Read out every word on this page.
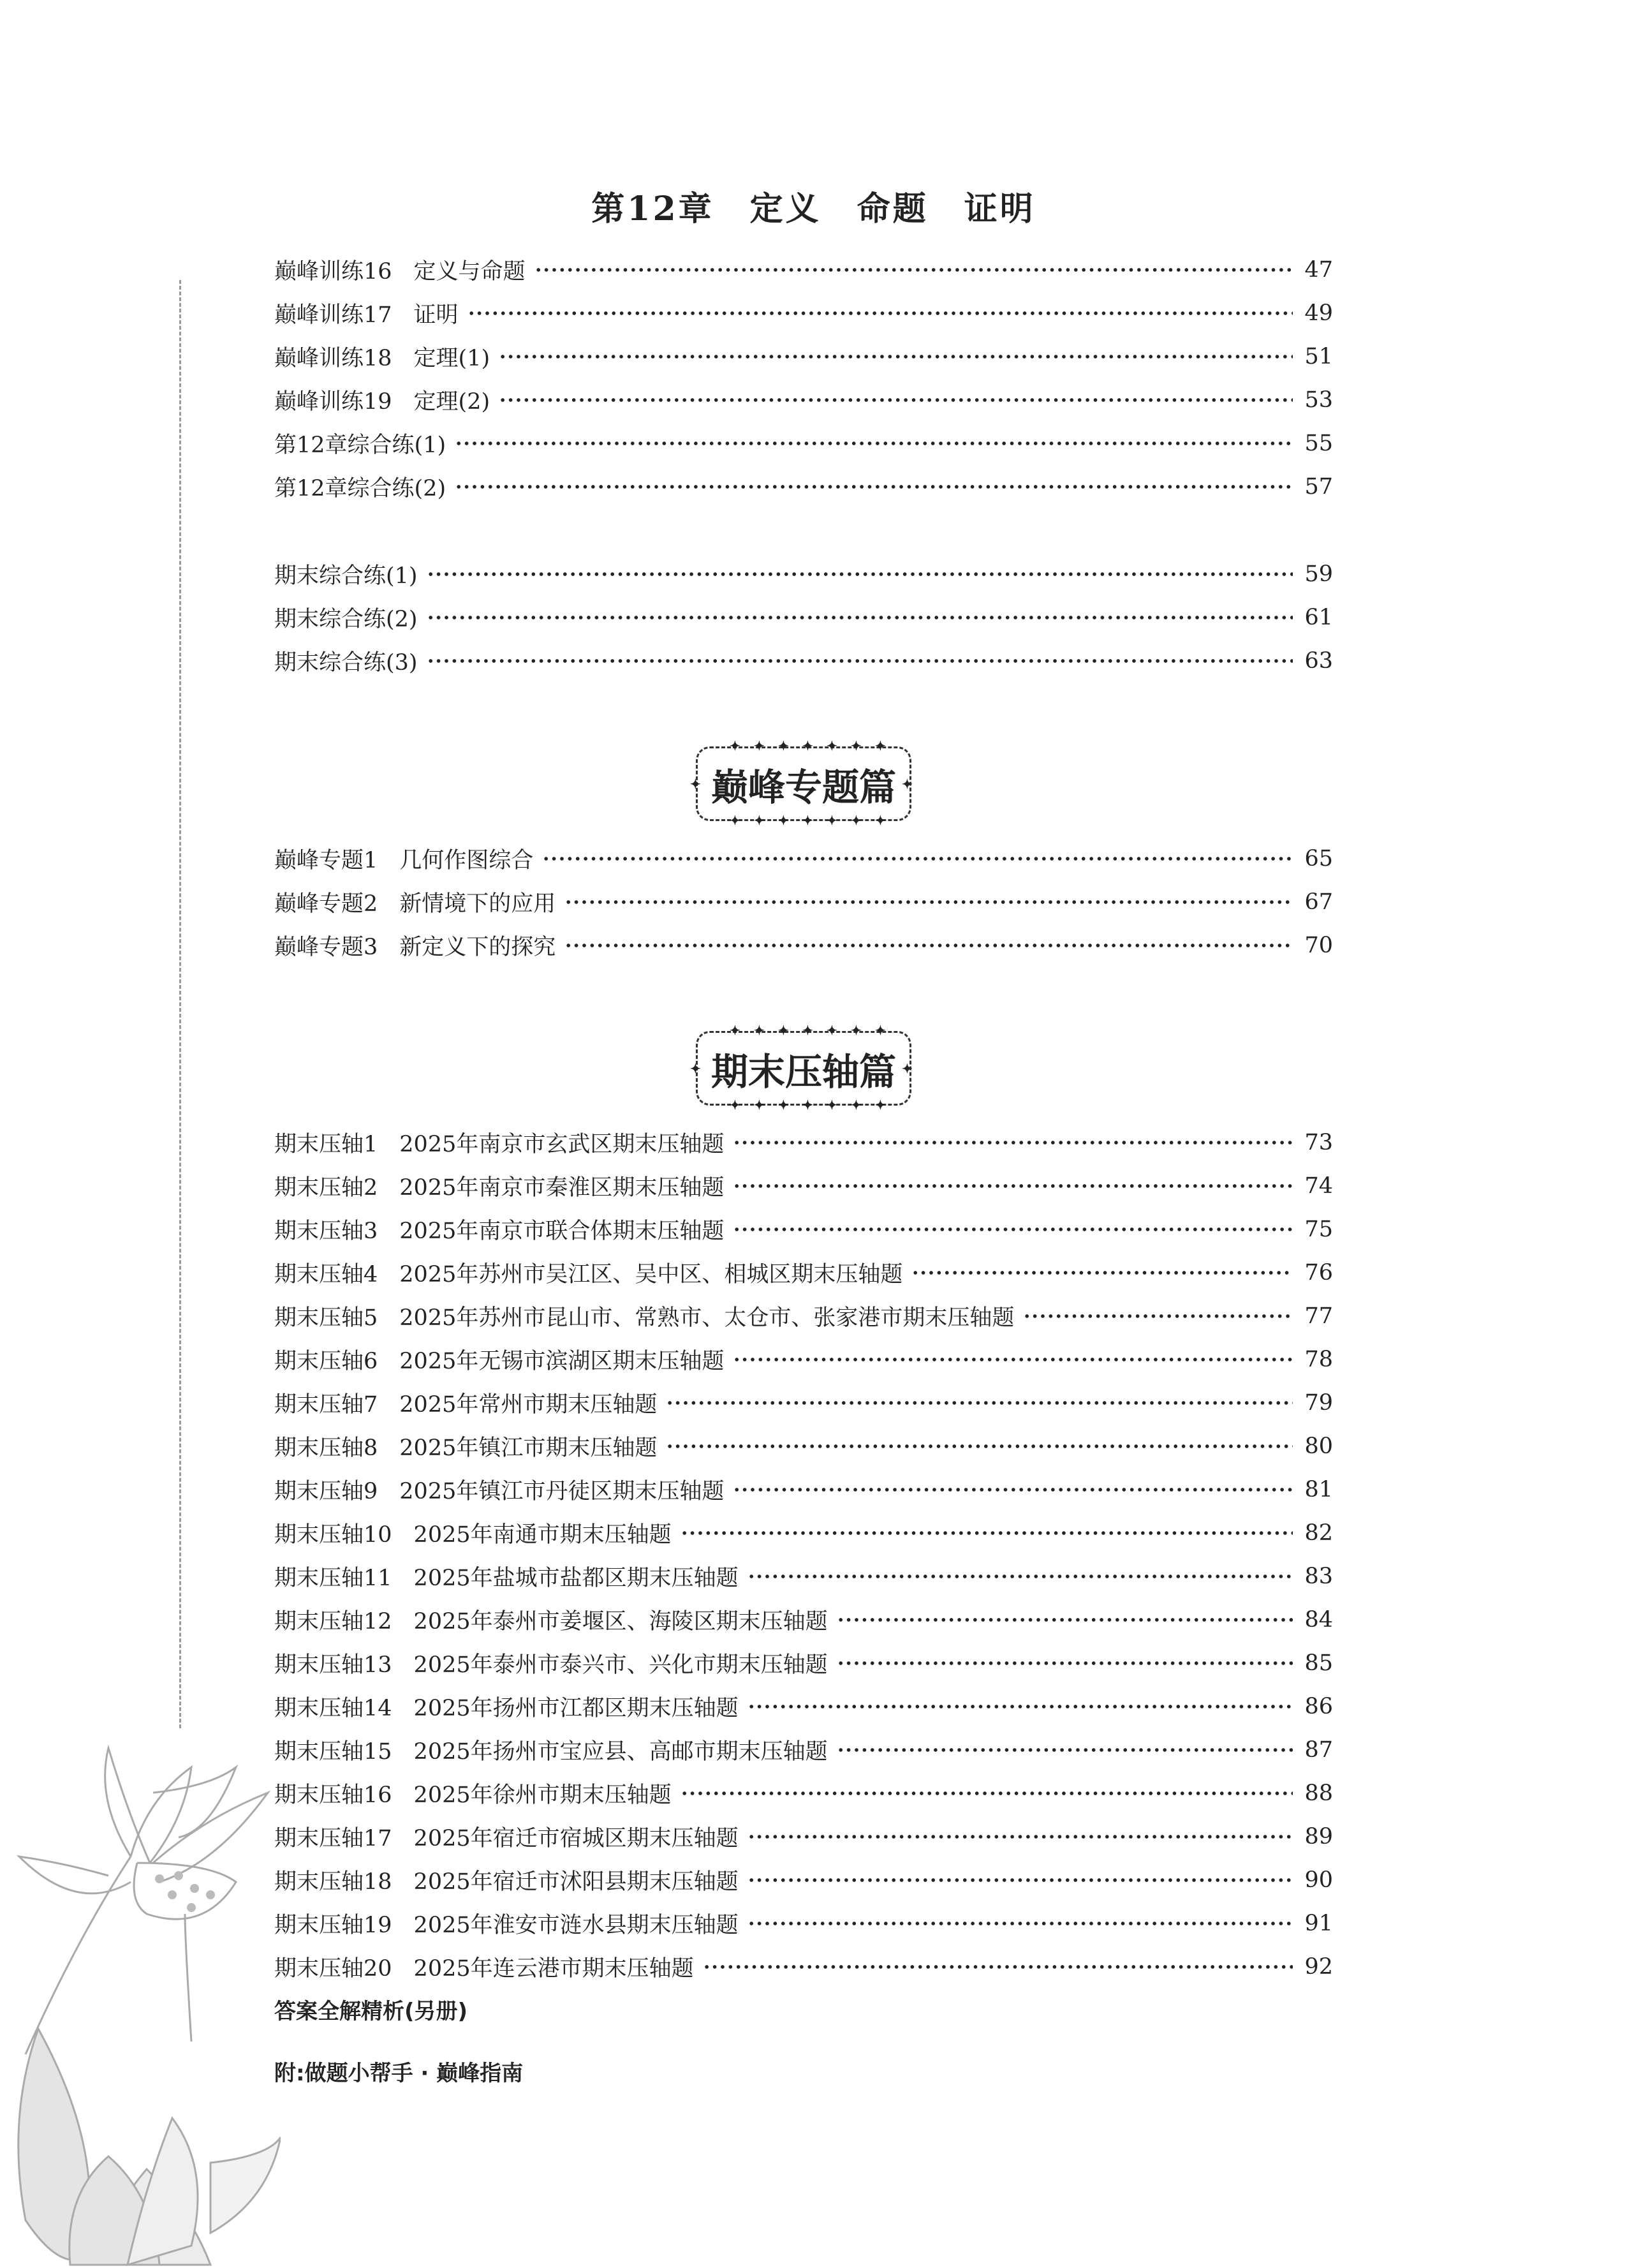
第12章 定义 命题 证明
巅峰训练16 定义与命题	47
巅峰训练17 证明	49
巅峰训练18 定理(1)	51
巅峰训练19 定理(2)	53
第12章综合练(1)	55
第12章综合练(2)	57
期末综合练(1)	59
期末综合练(2)	61
期末综合练(3)	63
巅峰专题篇
✦
✦
✦
✦
✦
✦
✦
✦
✦
✦
✦
✦
✦
✦
✦	✦
巅峰专题1 几何作图综合	65
巅峰专题2 新情境下的应用	67
巅峰专题3 新定义下的探究	70
期末压轴篇
✦
✦
✦
✦
✦
✦
✦
✦
✦
✦
✦
✦
✦
✦
✦	✦
期末压轴1 2025年南京市玄武区期末压轴题	73
期末压轴2 2025年南京市秦淮区期末压轴题	74
期末压轴3 2025年南京市联合体期末压轴题	75
期末压轴4 2025年苏州市吴江区、吴中区、相城区期末压轴题	76
期末压轴5 2025年苏州市昆山市、常熟市、太仓市、张家港市期末压轴题	77
期末压轴6 2025年无锡市滨湖区期末压轴题	78
期末压轴7 2025年常州市期末压轴题	79
期末压轴8 2025年镇江市期末压轴题	80
期末压轴9 2025年镇江市丹徒区期末压轴题	81
期末压轴10 2025年南通市期末压轴题	82
期末压轴11 2025年盐城市盐都区期末压轴题	83
期末压轴12 2025年泰州市姜堰区、海陵区期末压轴题	84
期末压轴13 2025年泰州市泰兴市、兴化市期末压轴题	85
期末压轴14 2025年扬州市江都区期末压轴题	86
期末压轴15 2025年扬州市宝应县、高邮市期末压轴题	87
期末压轴16 2025年徐州市期末压轴题	88
期末压轴17 2025年宿迁市宿城区期末压轴题	89
期末压轴18 2025年宿迁市沭阳县期末压轴题	90
期末压轴19 2025年淮安市涟水县期末压轴题	91
期末压轴20 2025年连云港市期末压轴题	92
答案全解精析(另册)
附:做题小帮手 · 巅峰指南
